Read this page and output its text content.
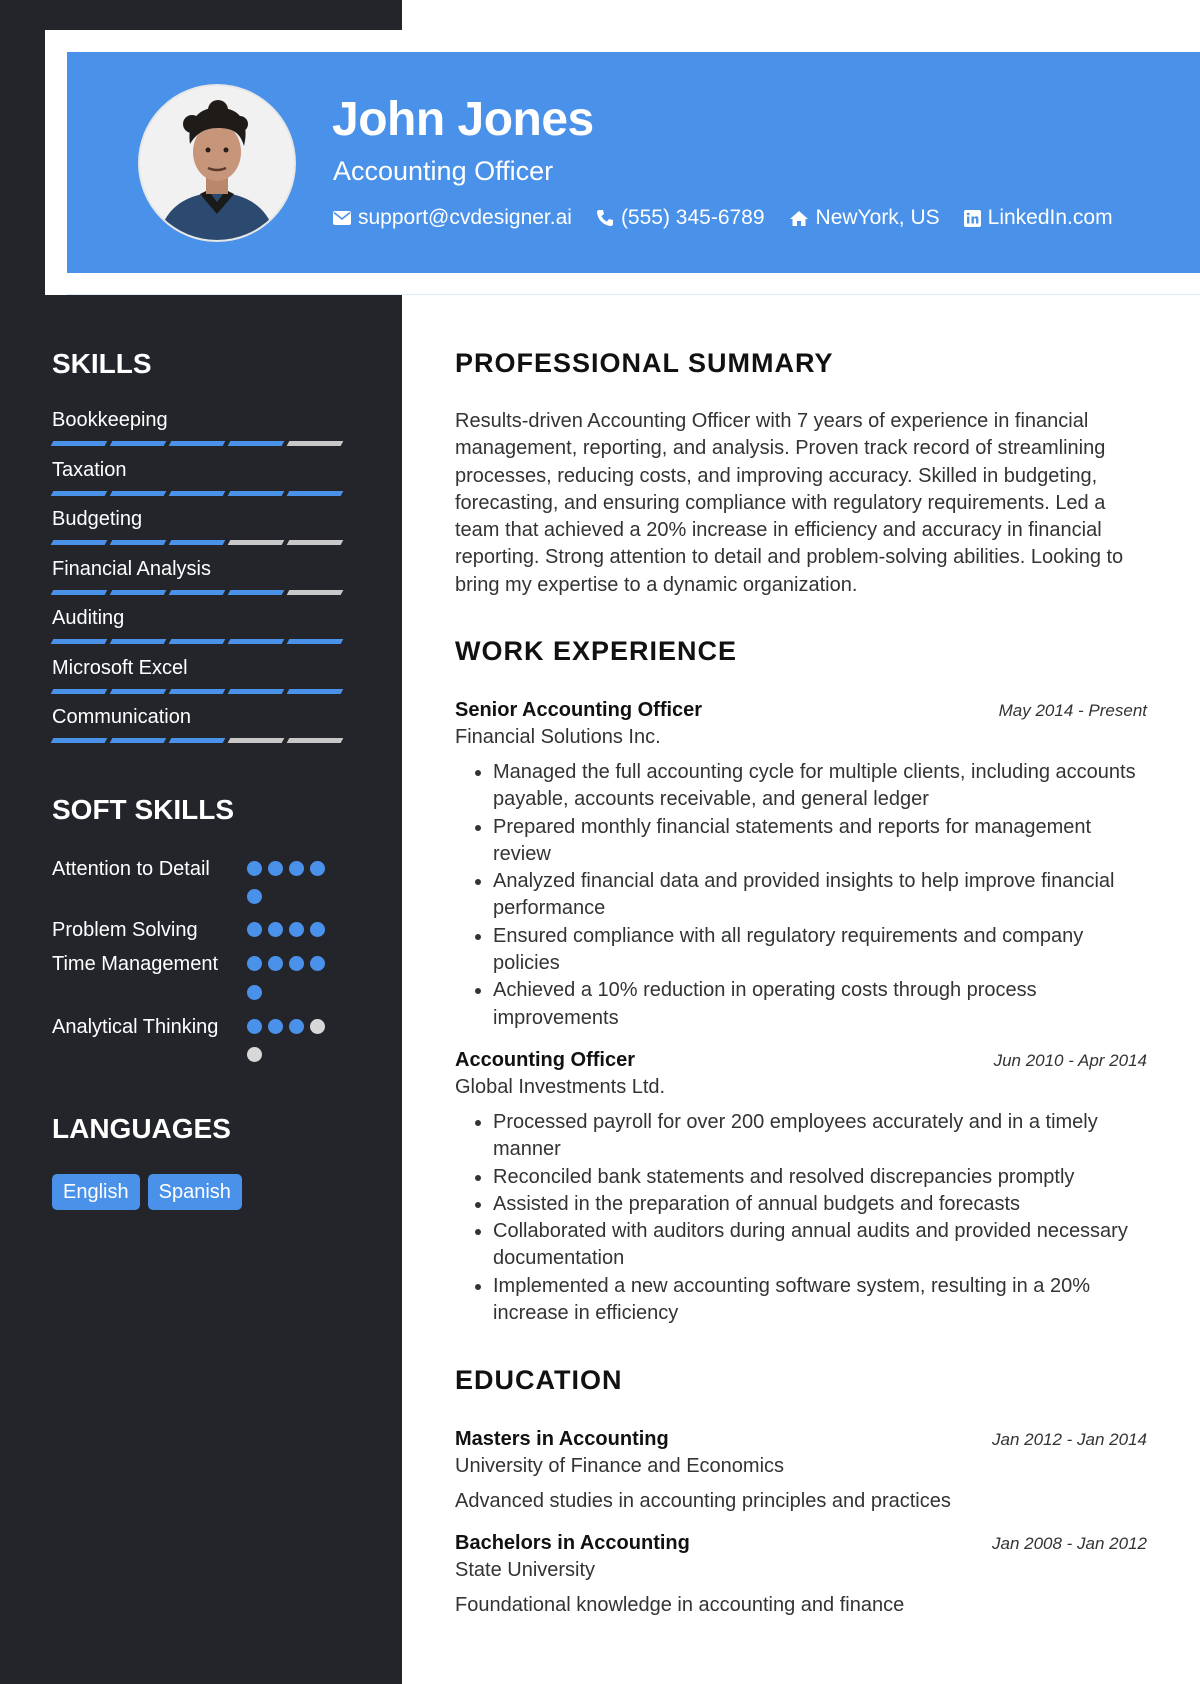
John Jones
Accounting Officer
support@cvdesigner.ai (555) 345-6789 NewYork, US LinkedIn.com
SKILLS
Bookkeeping
Taxation
Budgeting
Financial Analysis
Auditing
Microsoft Excel
Communication
SOFT SKILLS
Attention to Detail
Problem Solving
Time Management
Analytical Thinking
LANGUAGES
English	Spanish
PROFESSIONAL SUMMARY

Results-driven Accounting Officer with 7 years of experience in financial management, reporting, and analysis. Proven track record of streamlining processes, reducing costs, and improving accuracy. Skilled in budgeting, forecasting, and ensuring compliance with regulatory requirements. Led a team that achieved a 20% increase in efficiency and accuracy in financial reporting. Strong attention to detail and problem-solving abilities. Looking to bring my expertise to a dynamic organization.

WORK EXPERIENCE
Senior Accounting Officer	May 2014 - Present
Financial Solutions Inc.
• Managed the full accounting cycle for multiple clients, including accounts payable, accounts receivable, and general ledger
• Prepared monthly financial statements and reports for management review
• Analyzed financial data and provided insights to help improve financial performance
• Ensured compliance with all regulatory requirements and company policies
• Achieved a 10% reduction in operating costs through process improvements
Accounting Officer	Jun 2010 - Apr 2014
Global Investments Ltd.
• Processed payroll for over 200 employees accurately and in a timely manner
• Reconciled bank statements and resolved discrepancies promptly
• Assisted in the preparation of annual budgets and forecasts
• Collaborated with auditors during annual audits and provided necessary documentation
• Implemented a new accounting software system, resulting in a 20% increase in efficiency
EDUCATION
Masters in Accounting	Jan 2012 - Jan 2014
University of Finance and Economics
Advanced studies in accounting principles and practices
Bachelors in Accounting	Jan 2008 - Jan 2012
State University
Foundational knowledge in accounting and finance
